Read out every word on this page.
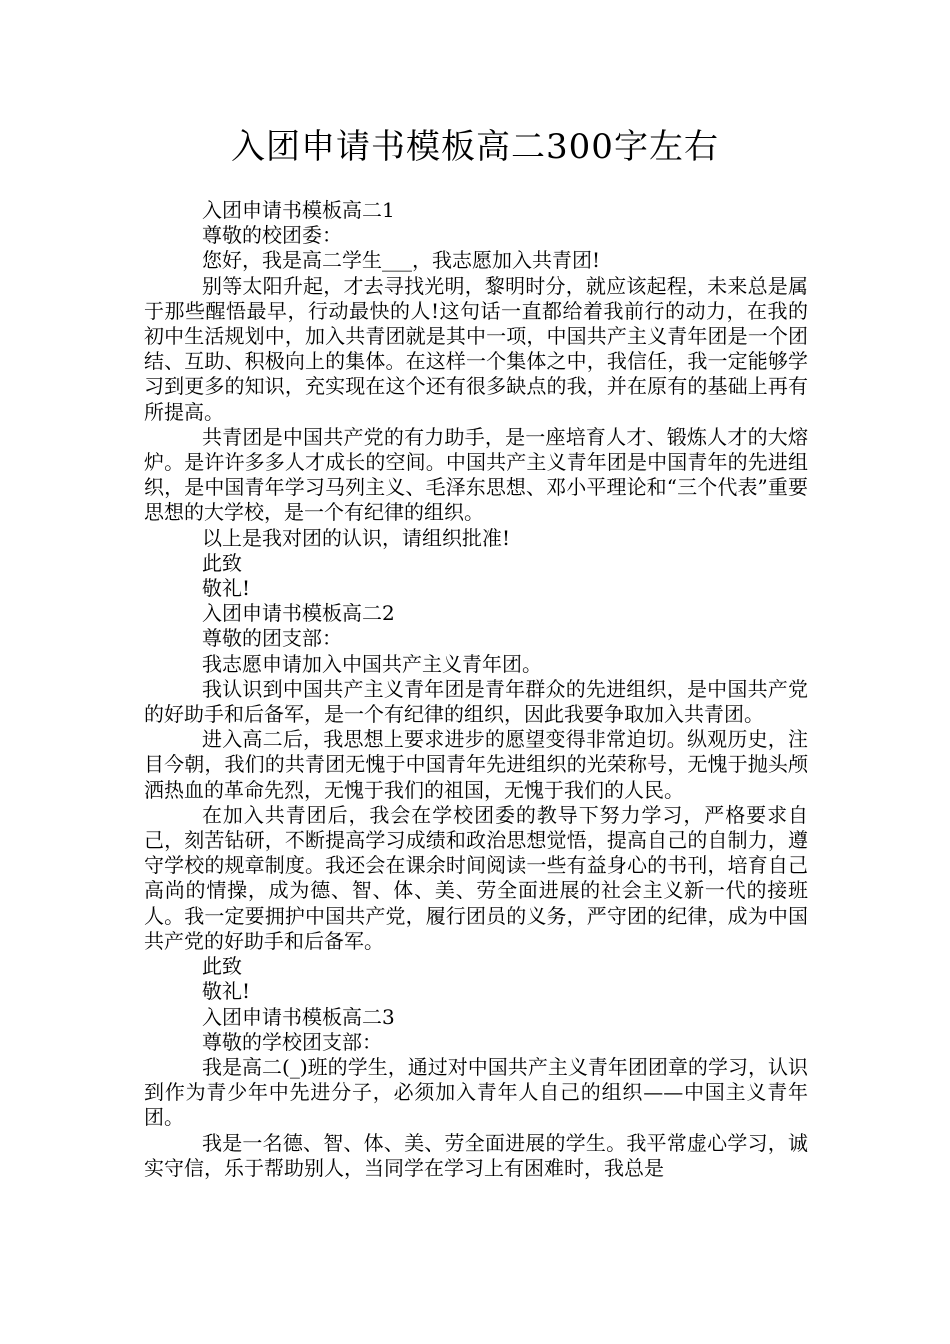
入团申请书模板高二300字左右

入团申请书模板高二1

尊敬的校团委：

您好，我是高二学生___，我志愿加入共青团!

别等太阳升起，才去寻找光明，黎明时分，就应该起程，未来总是属于那些醒悟最早，行动最快的人!这句话一直都给着我前行的动力，在我的初中生活规划中，加入共青团就是其中一项，中国共产主义青年团是一个团结、互助、积极向上的集体。在这样一个集体之中，我信任，我一定能够学习到更多的知识，充实现在这个还有很多缺点的我，并在原有的基础上再有所提高。

共青团是中国共产党的有力助手，是一座培育人才、锻炼人才的大熔炉。是许许多多人才成长的空间。中国共产主义青年团是中国青年的先进组织，是中国青年学习马列主义、毛泽东思想、邓小平理论和“三个代表”重要思想的大学校，是一个有纪律的组织。

以上是我对团的认识，请组织批准!

此致

敬礼!

入团申请书模板高二2

尊敬的团支部：

我志愿申请加入中国共产主义青年团。

我认识到中国共产主义青年团是青年群众的先进组织，是中国共产党的好助手和后备军，是一个有纪律的组织，因此我要争取加入共青团。

进入高二后，我思想上要求进步的愿望变得非常迫切。纵观历史，注目今朝，我们的共青团无愧于中国青年先进组织的光荣称号，无愧于抛头颅洒热血的革命先烈，无愧于我们的祖国，无愧于我们的人民。

在加入共青团后，我会在学校团委的教导下努力学习，严格要求自己，刻苦钻研，不断提高学习成绩和政治思想觉悟，提高自己的自制力，遵守学校的规章制度。我还会在课余时间阅读一些有益身心的书刊，培育自己高尚的情操，成为德、智、体、美、劳全面进展的社会主义新一代的接班人。我一定要拥护中国共产党，履行团员的义务，严守团的纪律，成为中国共产党的好助手和后备军。

此致

敬礼!

入团申请书模板高二3

尊敬的学校团支部：

我是高二(_)班的学生，通过对中国共产主义青年团团章的学习，认识到作为青少年中先进分子，必须加入青年人自己的组织——中国主义青年团。

我是一名德、智、体、美、劳全面进展的学生。我平常虚心学习，诚实守信，乐于帮助别人，当同学在学习上有困难时，我总是
